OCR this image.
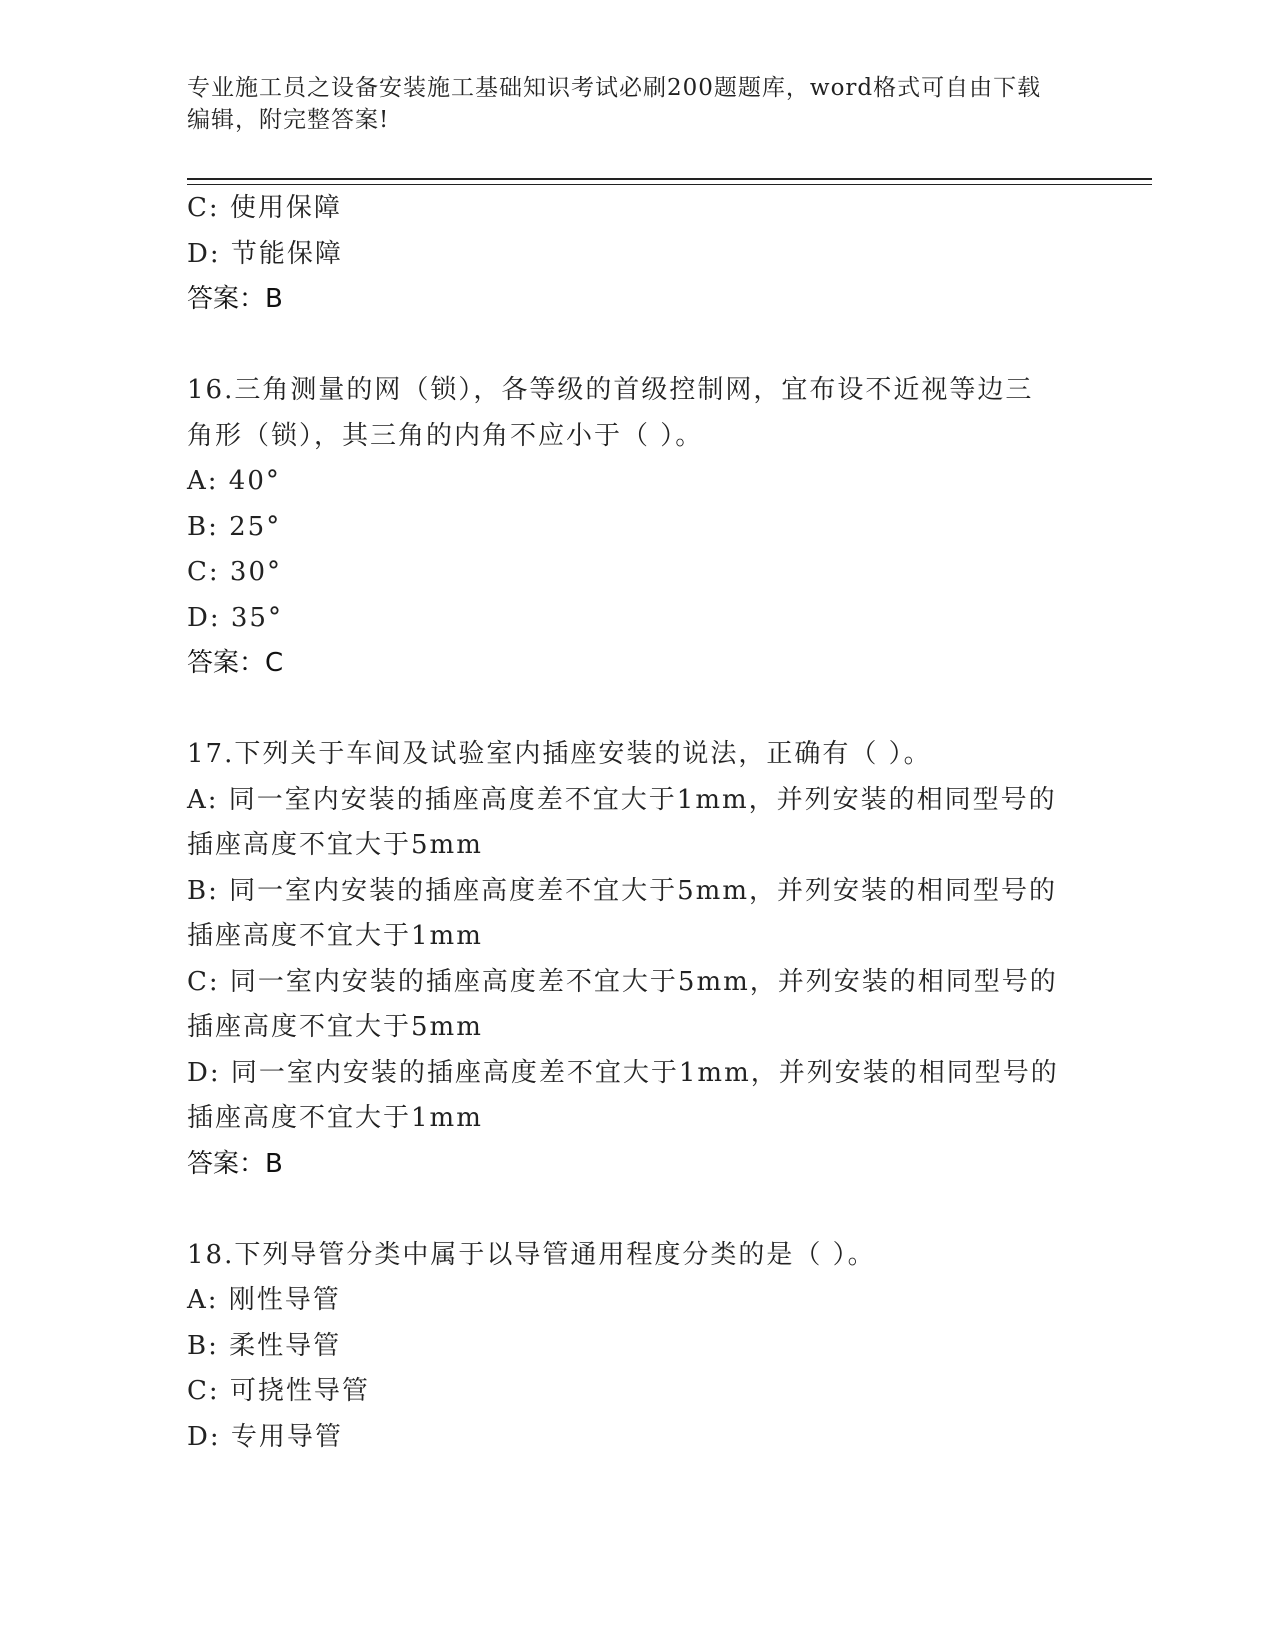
专业施工员之设备安装施工基础知识考试必刷200题题库，word格式可自由下载
编辑，附完整答案!
C: 使用保障
D: 节能保障
答案：B
16.三角测量的网（锁），各等级的首级控制网，宜布设不近视等边三
角形（锁），其三角的内角不应小于（ ）。
A: 40°
B: 25°
C: 30°
D: 35°
答案：C
17.下列关于车间及试验室内插座安装的说法，正确有（ ）。
A: 同一室内安装的插座高度差不宜大于1mm，并列安装的相同型号的
插座高度不宜大于5mm
B: 同一室内安装的插座高度差不宜大于5mm，并列安装的相同型号的
插座高度不宜大于1mm
C: 同一室内安装的插座高度差不宜大于5mm，并列安装的相同型号的
插座高度不宜大于5mm
D: 同一室内安装的插座高度差不宜大于1mm，并列安装的相同型号的
插座高度不宜大于1mm
答案：B
18.下列导管分类中属于以导管通用程度分类的是（ ）。
A: 刚性导管
B: 柔性导管
C: 可挠性导管
D: 专用导管
